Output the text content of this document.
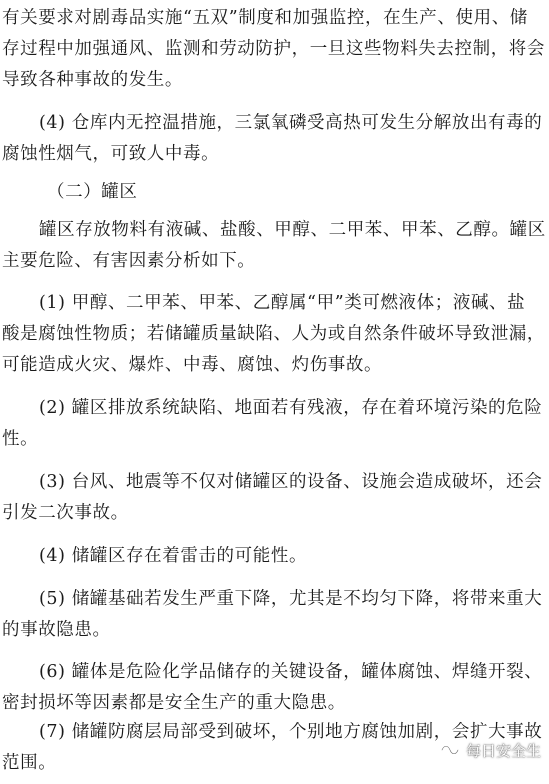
有关要求对剧毒品实施“五双”制度和加强监控，在生产、使用、储
存过程中加强通风、监测和劳动防护，一旦这些物料失去控制，将会
导致各种事故的发生。
(4) 仓库内无控温措施，三氯氧磷受高热可发生分解放出有毒的
腐蚀性烟气，可致人中毒。
（二）罐区
罐区存放物料有液碱、盐酸、甲醇、二甲苯、甲苯、乙醇。罐区
主要危险、有害因素分析如下。
(1) 甲醇、二甲苯、甲苯、乙醇属“甲”类可燃液体；液碱、盐
酸是腐蚀性物质；若储罐质量缺陷、人为或自然条件破坏导致泄漏，
可能造成火灾、爆炸、中毒、腐蚀、灼伤事故。
(2) 罐区排放系统缺陷、地面若有残液，存在着环境污染的危险
性。
(3) 台风、地震等不仅对储罐区的设备、设施会造成破坏，还会
引发二次事故。
(4) 储罐区存在着雷击的可能性。
(5) 储罐基础若发生严重下降，尤其是不均匀下降，将带来重大
的事故隐患。
(6) 罐体是危险化学品储存的关键设备，罐体腐蚀、焊缝开裂、
密封损坏等因素都是安全生产的重大隐患。
(7) 储罐防腐层局部受到破坏，个别地方腐蚀加剧，会扩大事故
范围。
每日安全生
